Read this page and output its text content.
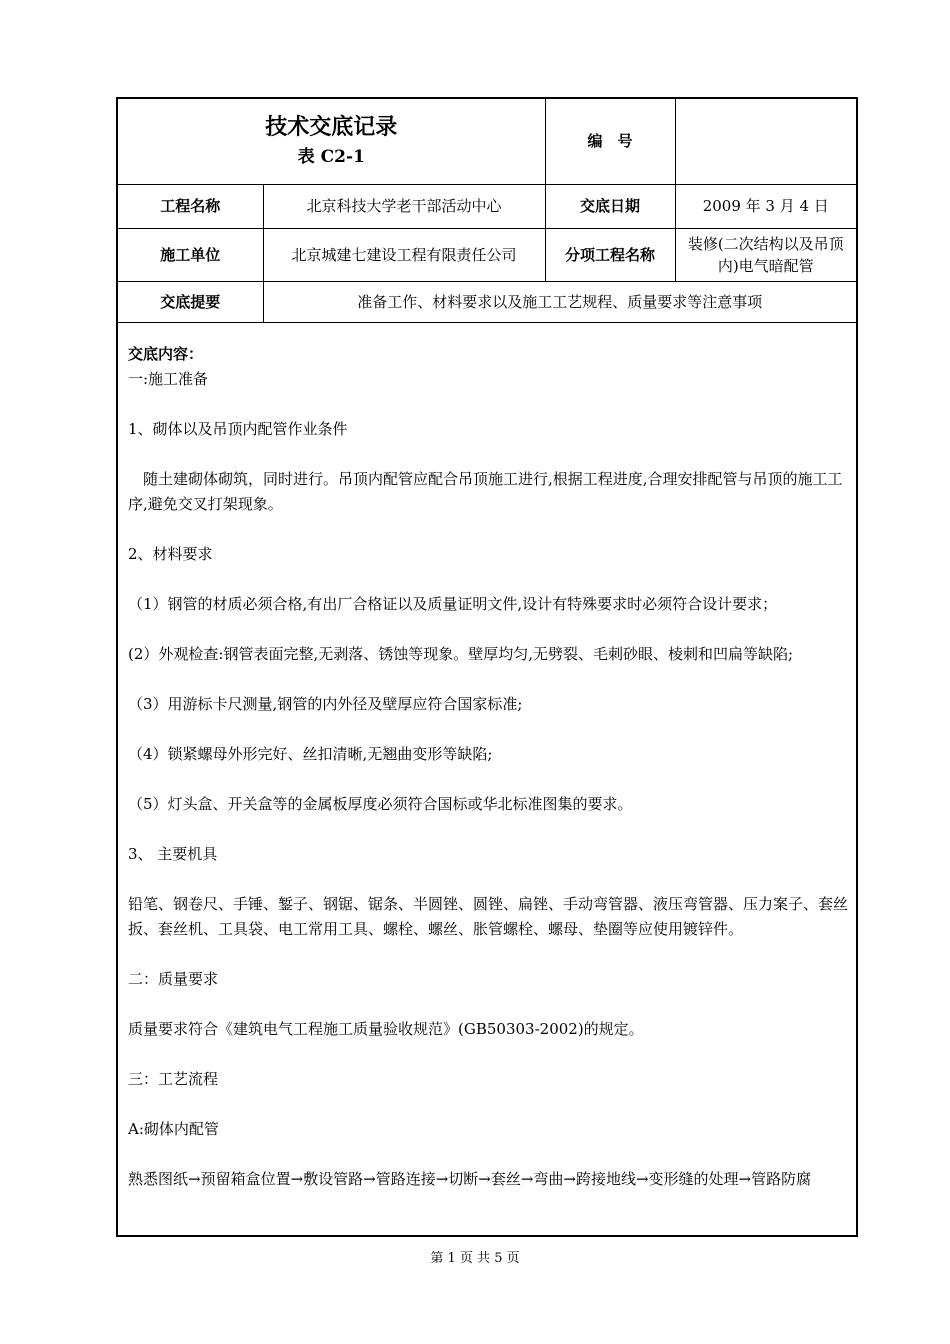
技术交底记录
表 C2-1		编　号	
工程名称	北京科技大学老干部活动中心	交底日期	2009 年 3 月 4 日
施工单位	北京城建七建设工程有限责任公司	分项工程名称	装修(二次结构以及吊顶内)电气暗配管
交底提要	准备工作、材料要求以及施工工艺规程、质量要求等注意事项		

交底内容：

一:施工准备

1、砌体以及吊顶内配管作业条件

　随土建砌体砌筑，同时进行。吊顶内配管应配合吊顶施工进行,根据工程进度,合理安排配管与吊顶的施工工序,避免交叉打架现象。

2、材料要求

（1）钢管的材质必须合格,有出厂合格证以及质量证明文件,设计有特殊要求时必须符合设计要求；

(2）外观检查:钢管表面完整,无剥落、锈蚀等现象。壁厚均匀,无劈裂、毛刺砂眼、棱刺和凹扁等缺陷;

（3）用游标卡尺测量,钢管的内外径及壁厚应符合国家标准;

（4）锁紧螺母外形完好、丝扣清晰,无翘曲变形等缺陷;

（5）灯头盒、开关盒等的金属板厚度必须符合国标或华北标准图集的要求。

3、 主要机具

铅笔、钢卷尺、手锤、錾子、钢锯、锯条、半圆锉、圆锉、扁锉、手动弯管器、液压弯管器、压力案子、套丝扳、套丝机、工具袋、电工常用工具、螺栓、螺丝、胀管螺栓、螺母、垫圈等应使用镀锌件。

二：质量要求

质量要求符合《建筑电气工程施工质量验收规范》(GB50303-2002)的规定。

三：工艺流程

A:砌体内配管

熟悉图纸→预留箱盒位置→敷设管路→管路连接→切断→套丝→弯曲→跨接地线→变形缝的处理→管路防腐

第 1 页 共 5 页
